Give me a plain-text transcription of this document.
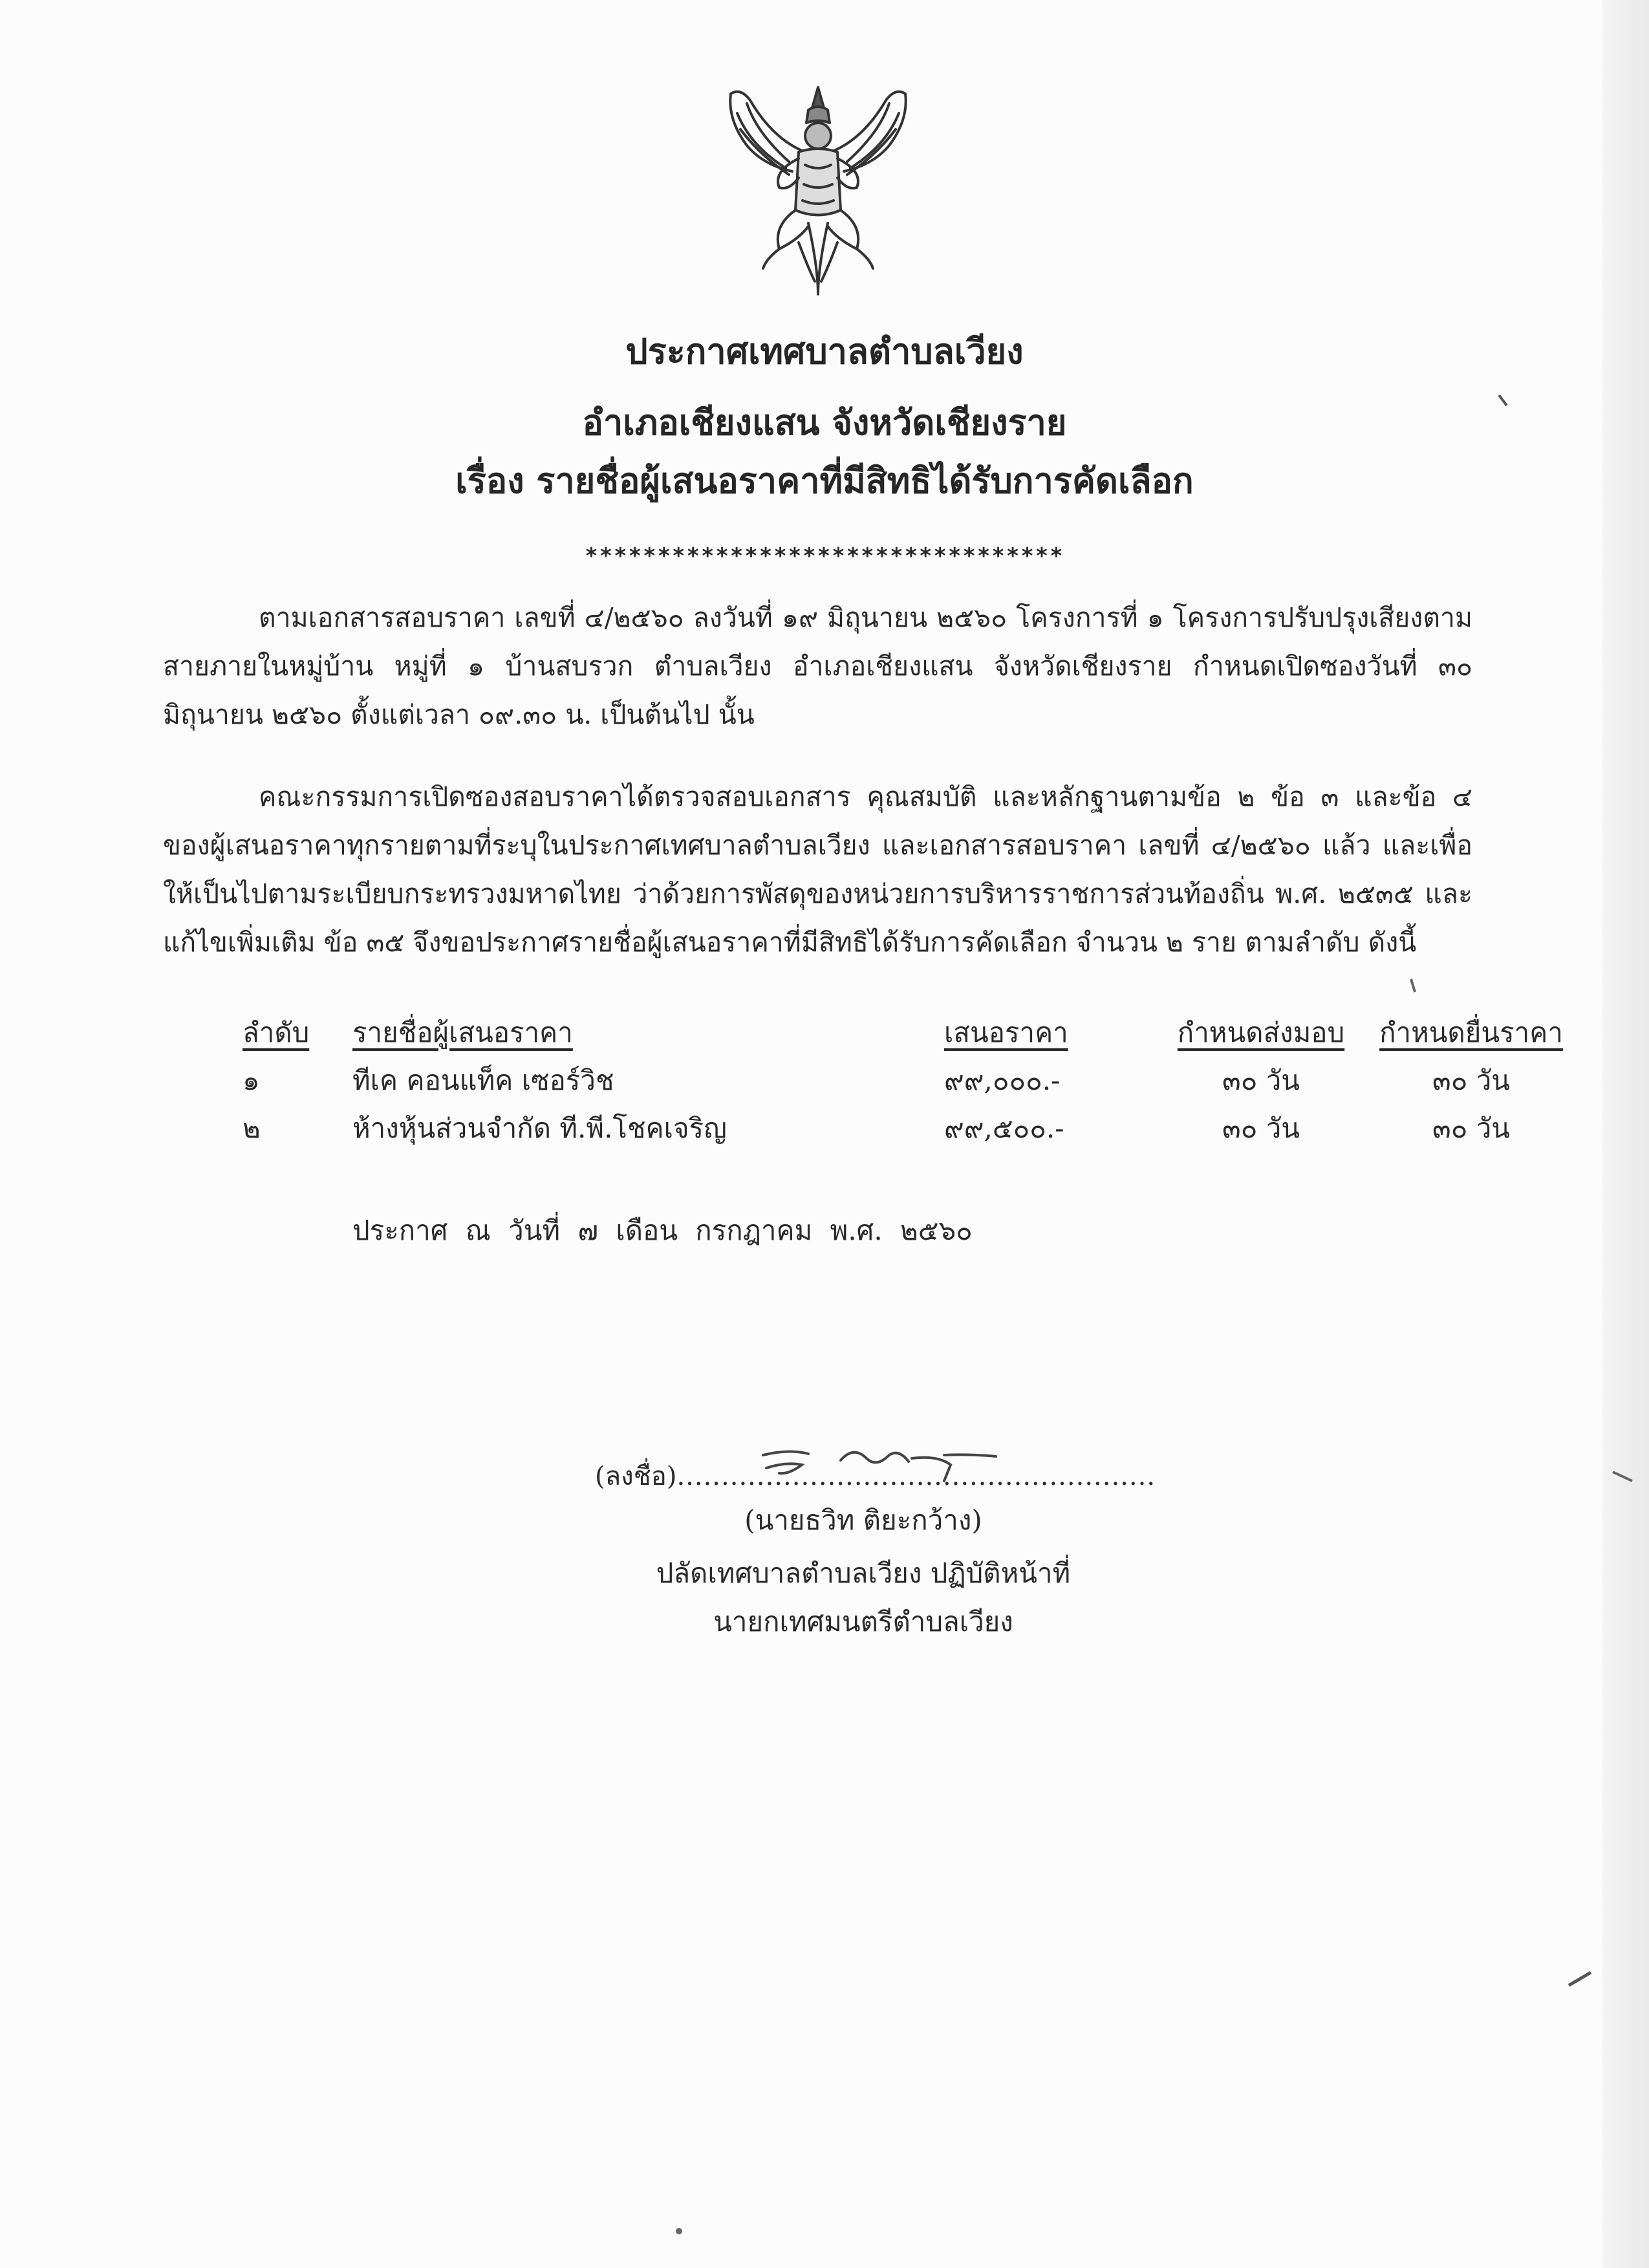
ประกาศเทศบาลตำบลเวียง
อำเภอเชียงแสน จังหวัดเชียงราย
เรื่อง รายชื่อผู้เสนอราคาที่มีสิทธิได้รับการคัดเลือก
*********************************
ตามเอกสารสอบราคา เลขที่ ๔/๒๕๖๐ ลงวันที่ ๑๙ มิถุนายน ๒๕๖๐ โครงการที่ ๑ โครงการปรับปรุงเสียงตามสายภายในหมู่บ้าน หมู่ที่ ๑ บ้านสบรวก ตำบลเวียง อำเภอเชียงแสน จังหวัดเชียงราย กำหนดเปิดซองวันที่ ๓๐ มิถุนายน ๒๕๖๐ ตั้งแต่เวลา ๐๙.๓๐ น. เป็นต้นไป นั้น
คณะกรรมการเปิดซองสอบราคาได้ตรวจสอบเอกสาร คุณสมบัติ และหลักฐานตามข้อ ๒ ข้อ ๓ และข้อ ๔ ของผู้เสนอราคาทุกรายตามที่ระบุในประกาศเทศบาลตำบลเวียง และเอกสารสอบราคา เลขที่ ๔/๒๕๖๐ แล้ว และเพื่อให้เป็นไปตามระเบียบกระทรวงมหาดไทย ว่าด้วยการพัสดุของหน่วยการบริหารราชการส่วนท้องถิ่น พ.ศ. ๒๕๓๕ และแก้ไขเพิ่มเติม ข้อ ๓๕ จึงขอประกาศรายชื่อผู้เสนอราคาที่มีสิทธิได้รับการคัดเลือก จำนวน ๒ ราย ตามลำดับ ดังนี้
ลำดับ	รายชื่อผู้เสนอราคา	เสนอราคา	กำหนดส่งมอบ	กำหนดยื่นราคา
๑	ทีเค คอนแท็ค เซอร์วิช	๙๙,๐๐๐.-	๓๐ วัน	๓๐ วัน
๒	ห้างหุ้นส่วนจำกัด ที.พี.โชคเจริญ	๙๙,๕๐๐.-	๓๐ วัน	๓๐ วัน
ประกาศ ณ วันที่ ๗ เดือน กรกฎาคม พ.ศ. ๒๕๖๐
(ลงชื่อ)......................................................
(นายธวิท ติยะกว้าง)
ปลัดเทศบาลตำบลเวียง ปฏิบัติหน้าที่
นายกเทศมนตรีตำบลเวียง
